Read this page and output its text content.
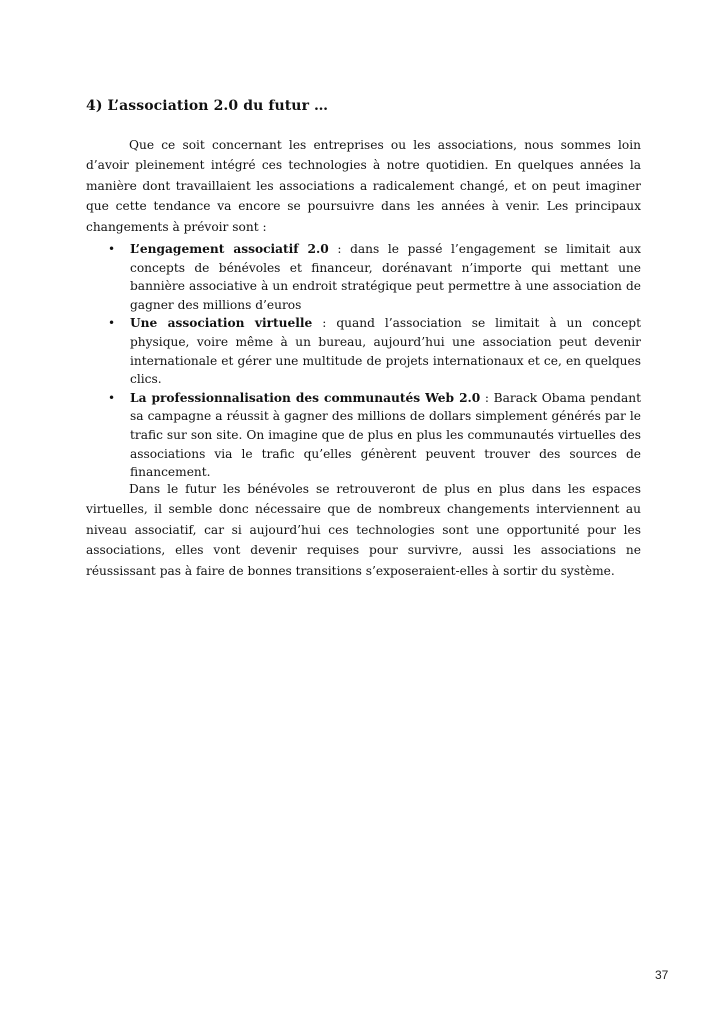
4) L’association 2.0 du futur …

Que ce soit concernant les entreprises ou les associations, nous sommes loin d’avoir pleinement intégré ces technologies à notre quotidien. En quelques années la manière dont travaillaient les associations a radicalement changé, et on peut imaginer que cette tendance va encore se poursuivre dans les années à venir. Les principaux changements à prévoir sont :

• L’engagement associatif 2.0 : dans le passé l’engagement se limitait aux concepts de bénévoles et financeur, dorénavant n’importe qui mettant une bannière associative à un endroit stratégique peut permettre à une association de gagner des millions d’euros
• Une association virtuelle : quand l’association se limitait à un concept physique, voire même à un bureau, aujourd’hui une association peut devenir internationale et gérer une multitude de projets internationaux et ce, en quelques clics.
• La professionnalisation des communautés Web 2.0 : Barack Obama pendant sa campagne a réussit à gagner des millions de dollars simplement générés par le trafic sur son site. On imagine que de plus en plus les communautés virtuelles des associations via le trafic qu’elles génèrent peuvent trouver des sources de financement.

Dans le futur les bénévoles se retrouveront de plus en plus dans les espaces virtuelles, il semble donc nécessaire que de nombreux changements interviennent au niveau associatif, car si aujourd’hui ces technologies sont une opportunité pour les associations, elles vont devenir requises pour survivre, aussi les associations ne réussissant pas à faire de bonnes transitions s’exposeraient-elles à sortir du système.

37
